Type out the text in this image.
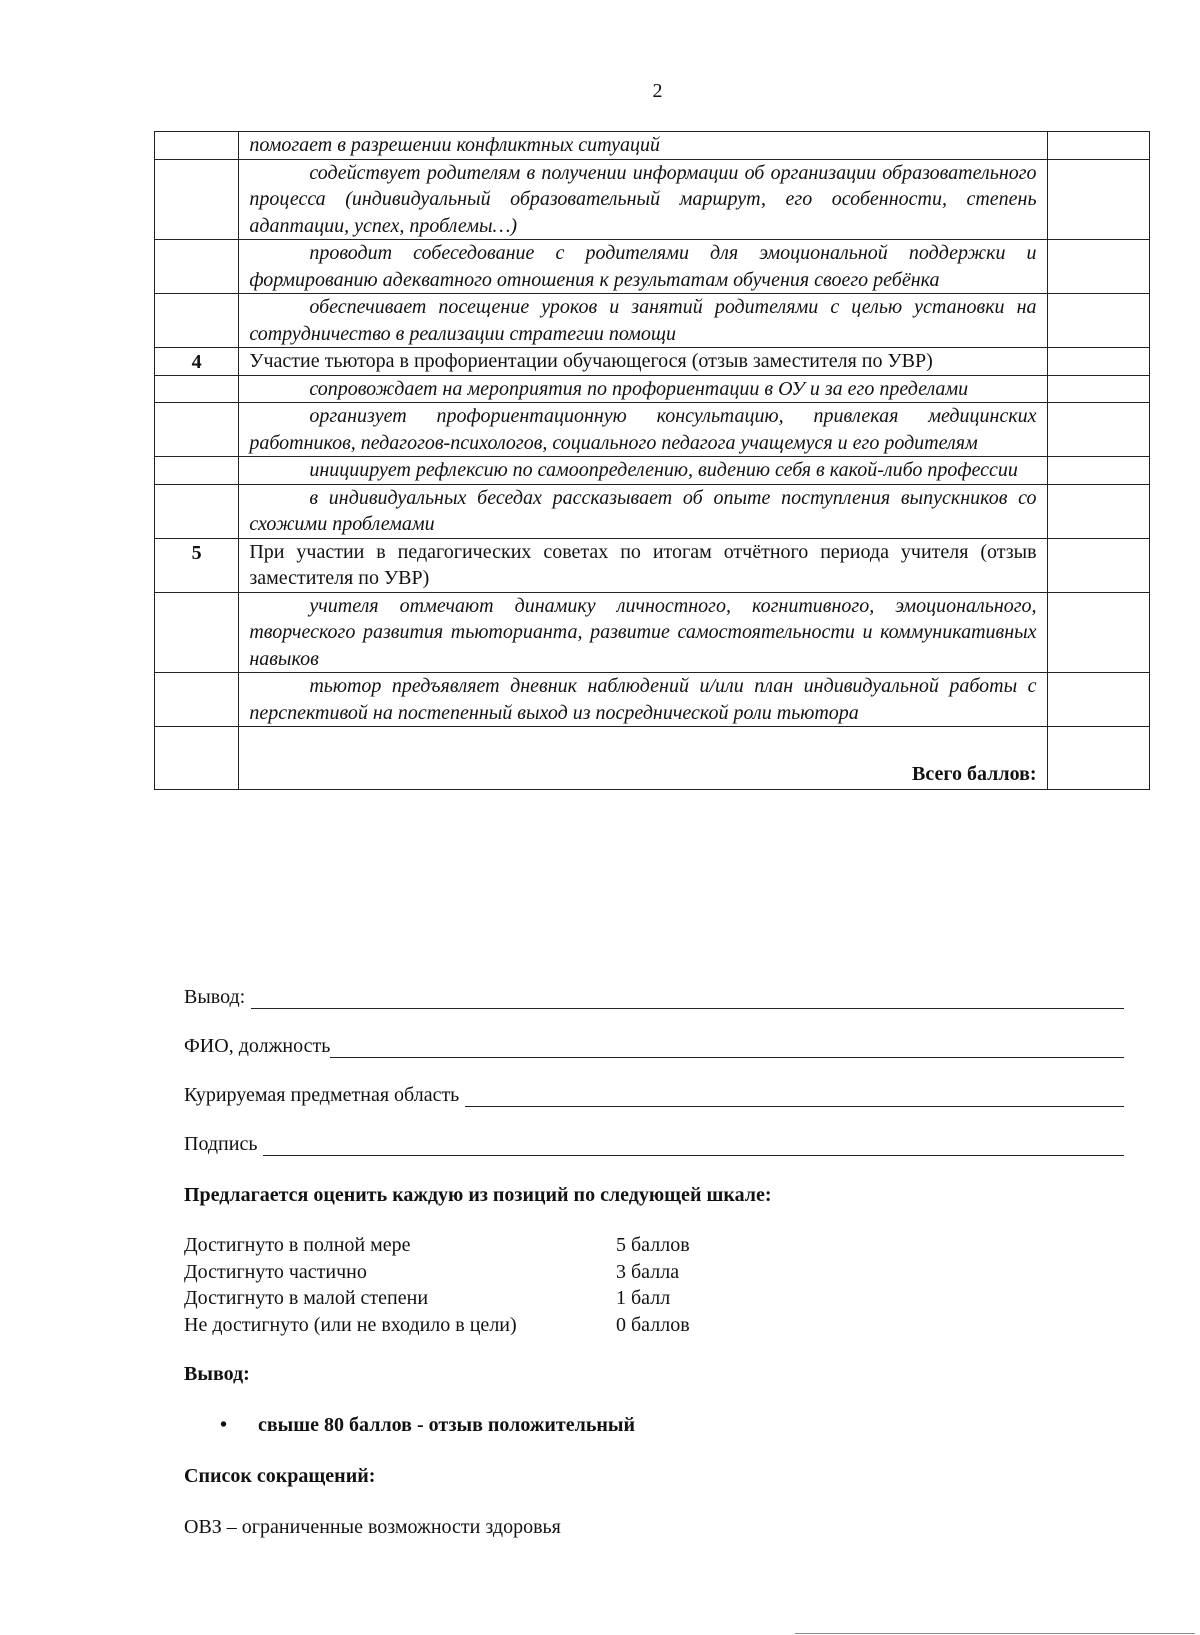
2
	помогает в разрешении конфликтных ситуаций	
	содействует родителям в получении информации об организации образовательного процесса (индивидуальный образовательный маршрут, его особенности, степень адаптации, успех, проблемы…)	
	проводит собеседование с родителями для эмоциональной поддержки и формированию адекватного отношения к результатам обучения своего ребёнка	
	обеспечивает посещение уроков и занятий родителями с целью установки на сотрудничество в реализации стратегии помощи	
4	Участие тьютора в профориентации обучающегося (отзыв заместителя по УВР)	
	сопровождает на мероприятия по профориентации в ОУ и за его пределами	
	организует профориентационную консультацию, привлекая медицинских работников, педагогов-психологов, социального педагога учащемуся и его родителям	
	инициирует рефлексию по самоопределению, видению себя в какой-либо профессии	
	в индивидуальных беседах рассказывает об опыте поступления выпускников со схожими проблемами	
5	При участии в педагогических советах по итогам отчётного периода учителя (отзыв заместителя по УВР)	
	учителя отмечают динамику личностного, когнитивного, эмоционального, творческого развития тьюторианта, развитие самостоятельности и коммуникативных навыков	
	тьютор предъявляет дневник наблюдений и/или план индивидуальной работы с перспективой на постепенный выход из посреднической роли тьютора	
	Всего баллов:	
Вывод:
ФИО, должность
Курируемая предметная область
Подпись
Предлагается оценить каждую из позиций по следующей шкале:
Достигнуто в полной мере	5 баллов
Достигнуто частично	3 балла
Достигнуто в малой степени	1 балл
Не достигнуто (или не входило в цели)	0 баллов
Вывод:
•	свыше 80 баллов - отзыв положительный
Список сокращений:
ОВЗ – ограниченные возможности здоровья
